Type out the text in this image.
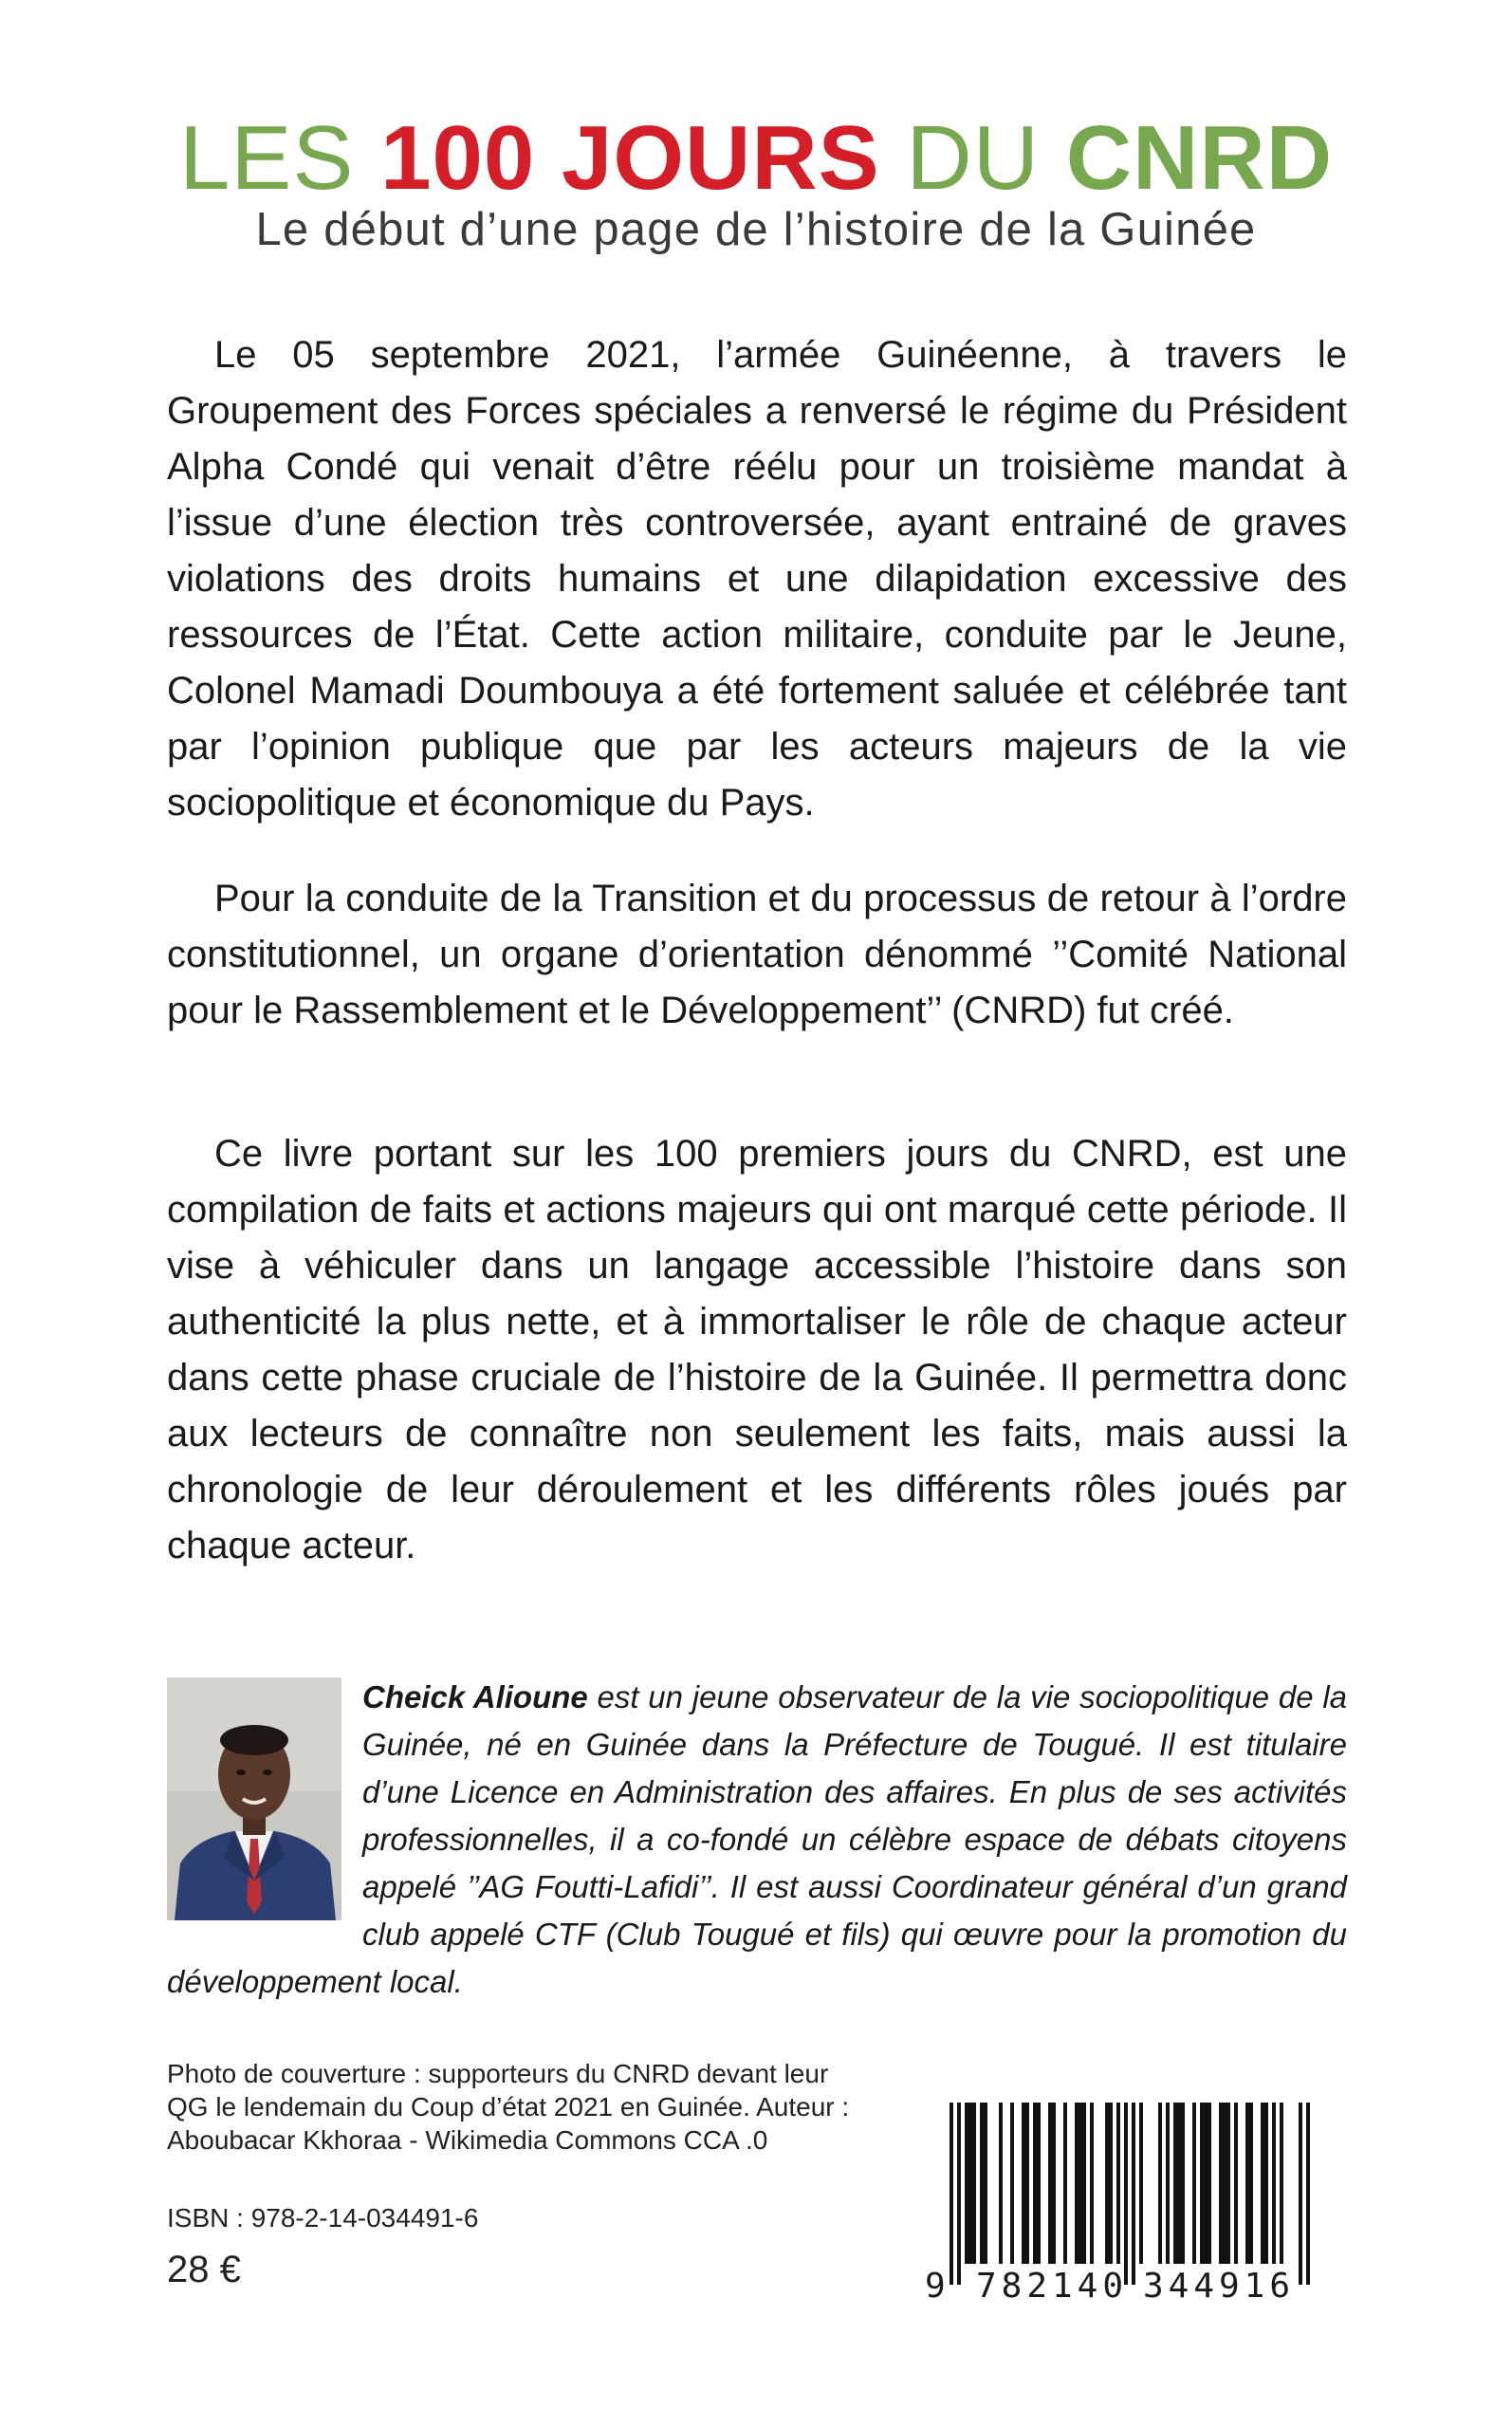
LES 100 JOURS DU CNRD
Le début d’une page de l’histoire de la Guinée

Le 05 septembre 2021, l’armée Guinéenne, à travers le Groupement des Forces spéciales a renversé le régime du Président Alpha Condé qui venait d’être réélu pour un troisième mandat à l’issue d’une élection très controversée, ayant entrainé de graves violations des droits humains et une dilapidation excessive des ressources de l’État. Cette action militaire, conduite par le Jeune, Colonel Mamadi Doumbouya a été fortement saluée et célébrée tant par l’opinion publique que par les acteurs majeurs de la vie sociopolitique et économique du Pays.

Pour la conduite de la Transition et du processus de retour à l’ordre constitutionnel, un organe d’orientation dénommé ’’Comité National pour le Rassemblement et le Développement’’ (CNRD) fut créé.

Ce livre portant sur les 100 premiers jours du CNRD, est une compilation de faits et actions majeurs qui ont marqué cette période. Il vise à véhiculer dans un langage accessible l’histoire dans son authenticité la plus nette, et à immortaliser le rôle de chaque acteur dans cette phase cruciale de l’histoire de la Guinée. Il permettra donc aux lecteurs de connaître non seulement les faits, mais aussi la chronologie de leur déroulement et les différents rôles joués par chaque acteur.

Cheick Alioune est un jeune observateur de la vie sociopolitique de la Guinée, né en Guinée dans la Préfecture de Tougué. Il est titulaire d’une Licence en Administration des affaires. En plus de ses activités professionnelles, il a co-fondé un célèbre espace de débats citoyens appelé ’’AG Foutti-Lafidi’’. Il est aussi Coordinateur général d’un grand club appelé CTF (Club Tougué et fils) qui œuvre pour la promotion du développement local.
Photo de couverture : supporteurs du CNRD devant leur QG le lendemain du Coup d’état 2021 en Guinée. Auteur : Aboubacar Kkhoraa - Wikimedia Commons CCA .0
ISBN : 978-2-14-034491-6
28 €	9 782140 344916
